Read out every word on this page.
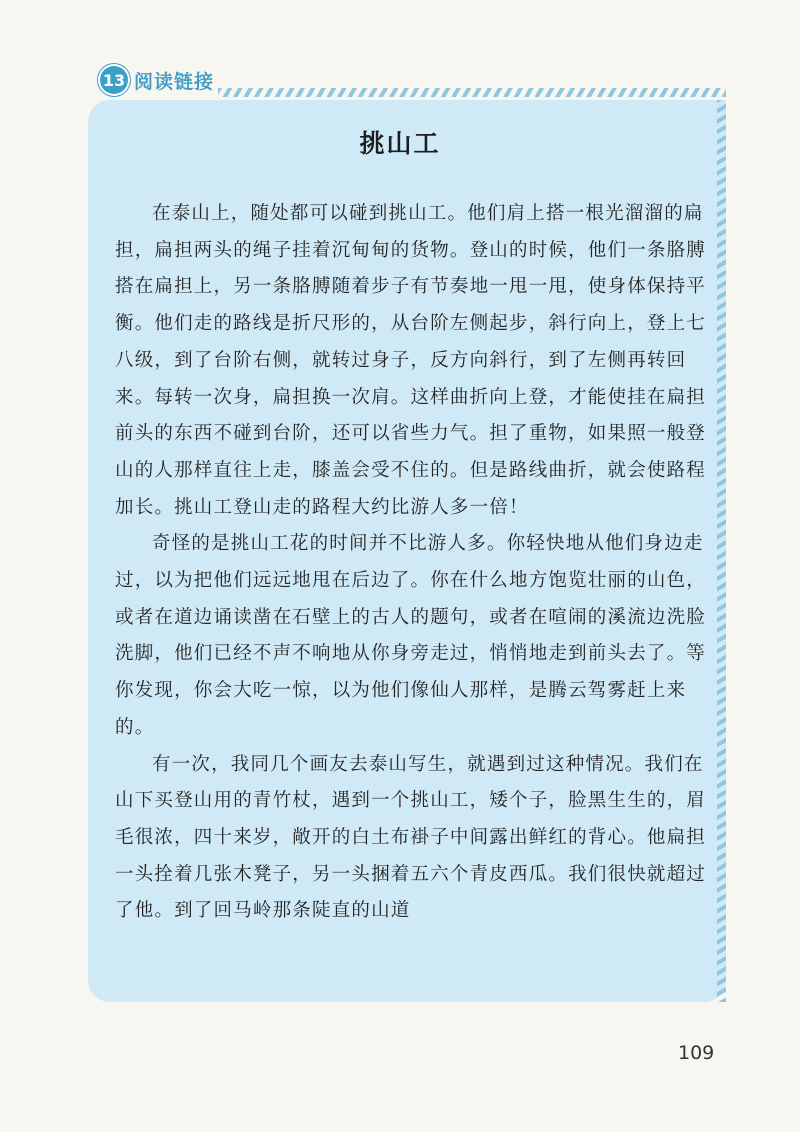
13 阅读链接
挑山工

在泰山上，随处都可以碰到挑山工。他们肩上搭一根光溜溜的扁担，扁担两头的绳子挂着沉甸甸的货物。登山的时候，他们一条胳膊搭在扁担上，另一条胳膊随着步子有节奏地一甩一甩，使身体保持平衡。他们走的路线是折尺形的，从台阶左侧起步，斜行向上，登上七八级，到了台阶右侧，就转过身子，反方向斜行，到了左侧再转回来。每转一次身，扁担换一次肩。这样曲折向上登，才能使挂在扁担前头的东西不碰到台阶，还可以省些力气。担了重物，如果照一般登山的人那样直往上走，膝盖会受不住的。但是路线曲折，就会使路程加长。挑山工登山走的路程大约比游人多一倍！

奇怪的是挑山工花的时间并不比游人多。你轻快地从他们身边走过，以为把他们远远地甩在后边了。你在什么地方饱览壮丽的山色，或者在道边诵读凿在石壁上的古人的题句，或者在喧闹的溪流边洗脸洗脚，他们已经不声不响地从你身旁走过，悄悄地走到前头去了。等你发现，你会大吃一惊，以为他们像仙人那样，是腾云驾雾赶上来的。

有一次，我同几个画友去泰山写生，就遇到过这种情况。我们在山下买登山用的青竹杖，遇到一个挑山工，矮个子，脸黑生生的，眉毛很浓，四十来岁，敞开的白土布褂子中间露出鲜红的背心。他扁担一头拴着几张木凳子，另一头捆着五六个青皮西瓜。我们很快就超过了他。到了回马岭那条陡直的山道

109
